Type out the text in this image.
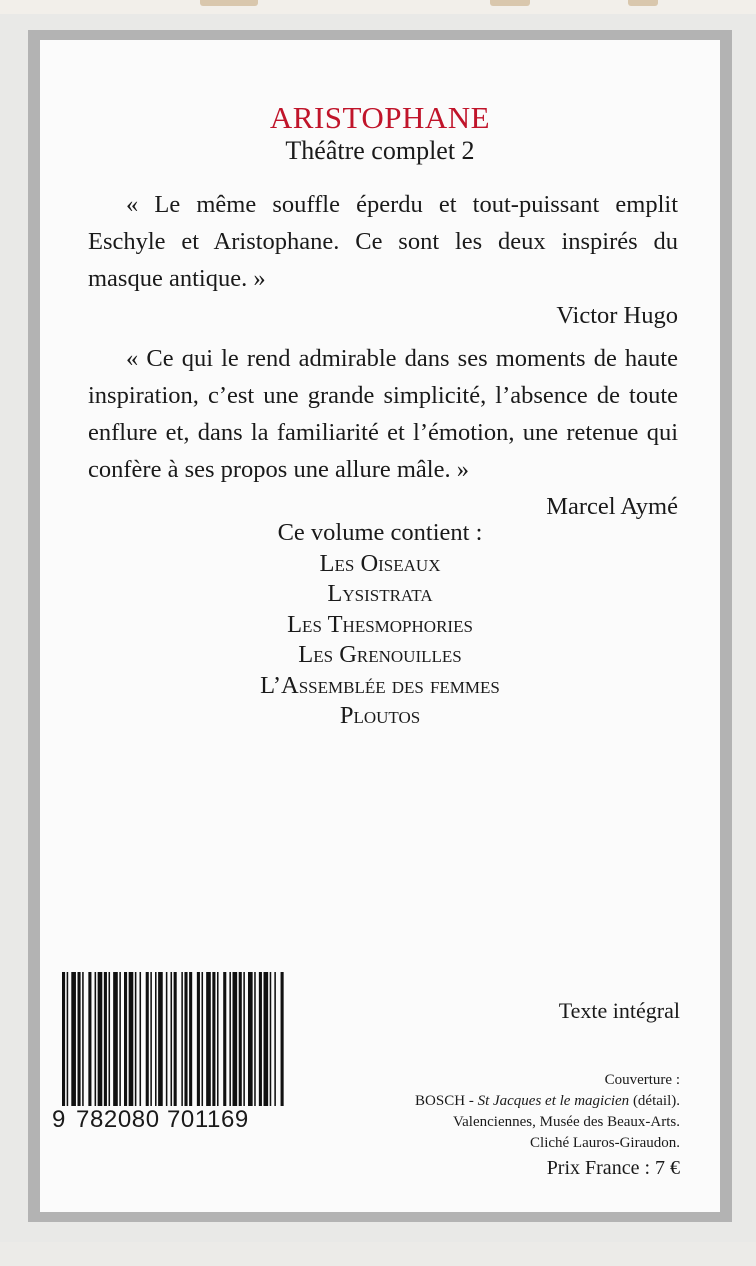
ARISTOPHANE
Théâtre complet 2

« Le même souffle éperdu et tout-puissant emplit Eschyle et Aristophane. Ce sont les deux inspirés du masque antique. »

Victor Hugo

« Ce qui le rend admirable dans ses moments de haute inspiration, c’est une grande simplicité, l’absence de toute enflure et, dans la familiarité et l’émotion, une retenue qui confère à ses propos une allure mâle. »

Marcel Aymé
Ce volume contient :
Les Oiseaux
Lysistrata
Les Thesmophories
Les Grenouilles
L’Assemblée des femmes
Ploutos
Texte intégral
Couverture :
BOSCH - St Jacques et le magicien (détail).
Valenciennes, Musée des Beaux-Arts.
Cliché Lauros-Giraudon.
Prix France : 7 €
9 782080 701169
